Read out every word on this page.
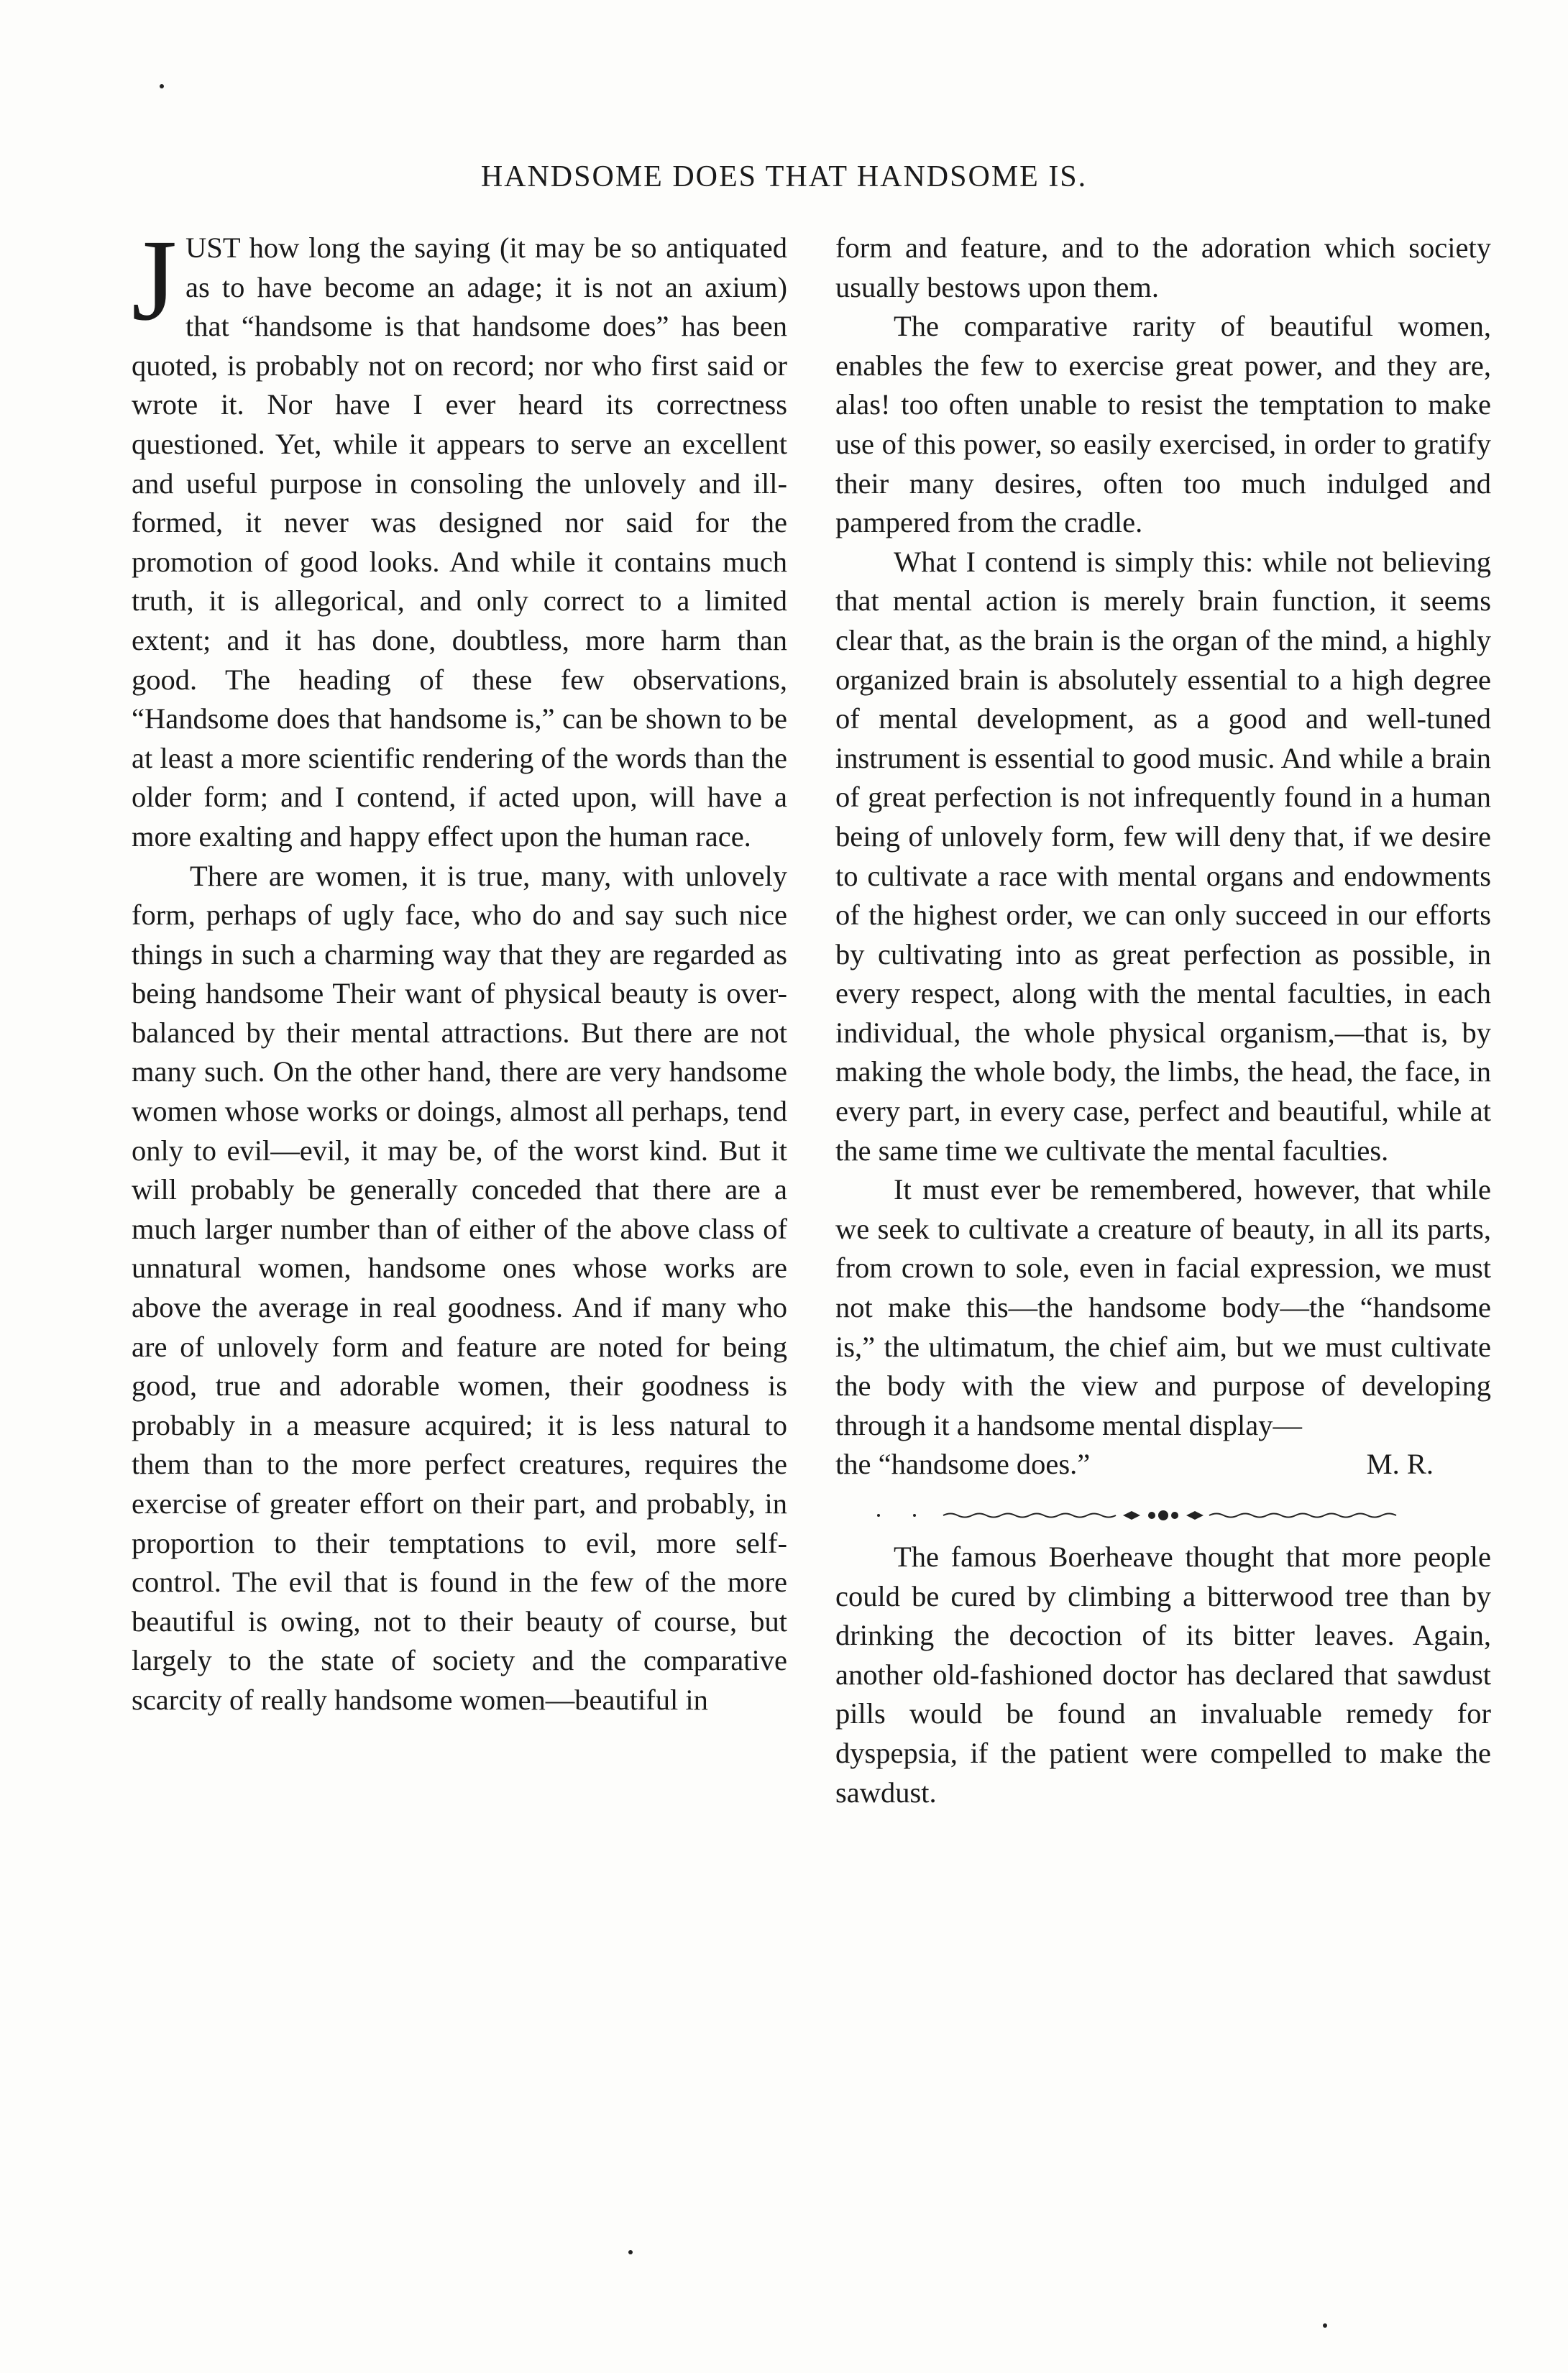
HANDSOME DOES THAT HANDSOME IS.

JUST how long the saying (it may be so antiquated as to have become an adage; it is not an axium) that “handsome is that handsome does” has been quoted, is probably not on record; nor who first said or wrote it. Nor have I ever heard its correctness questioned. Yet, while it appears to serve an excellent and useful purpose in consoling the unlovely and ill-formed, it never was designed nor said for the promotion of good looks. And while it contains much truth, it is allegorical, and only correct to a limited extent; and it has done, doubtless, more harm than good. The heading of these few observations, “Handsome does that handsome is,” can be shown to be at least a more scientific rendering of the words than the older form; and I contend, if acted upon, will have a more exalting and happy effect upon the human race.

There are women, it is true, many, with unlovely form, perhaps of ugly face, who do and say such nice things in such a charming way that they are regarded as being handsome Their want of physical beauty is over-balanced by their mental attractions. But there are not many such. On the other hand, there are very handsome women whose works or doings, almost all perhaps, tend only to evil—evil, it may be, of the worst kind. But it will probably be generally conceded that there are a much larger number than of either of the above class of unnatural women, handsome ones whose works are above the average in real goodness. And if many who are of unlovely form and feature are noted for being good, true and adorable women, their goodness is probably in a measure acquired; it is less natural to them than to the more perfect creatures, requires the exercise of greater effort on their part, and probably, in proportion to their temptations to evil, more self-control. The evil that is found in the few of the more beautiful is owing, not to their beauty of course, but largely to the state of society and the comparative scarcity of really handsome women—beautiful in

form and feature, and to the adoration which society usually bestows upon them.

The comparative rarity of beautiful women, enables the few to exercise great power, and they are, alas! too often unable to resist the temptation to make use of this power, so easily exercised, in order to gratify their many desires, often too much indulged and pampered from the cradle.

What I contend is simply this: while not believing that mental action is merely brain function, it seems clear that, as the brain is the organ of the mind, a highly organized brain is absolutely essential to a high degree of mental development, as a good and well-tuned instrument is essential to good music. And while a brain of great perfection is not infrequently found in a human being of unlovely form, few will deny that, if we desire to cultivate a race with mental organs and endowments of the highest order, we can only succeed in our efforts by cultivating into as great perfection as possible, in every respect, along with the mental faculties, in each individual, the whole physical organism,—that is, by making the whole body, the limbs, the head, the face, in every part, in every case, perfect and beautiful, while at the same time we cultivate the mental faculties.

It must ever be remembered, however, that while we seek to cultivate a creature of beauty, in all its parts, from crown to sole, even in facial expression, we must not make this—the handsome body—the “handsome is,” the ultimatum, the chief aim, but we must cultivate the body with the view and purpose of developing through it a handsome mental display—

the “handsome does.”	M. R.

The famous Boerheave thought that more people could be cured by climbing a bitterwood tree than by drinking the decoction of its bitter leaves. Again, another old-fashioned doctor has declared that sawdust pills would be found an invaluable remedy for dyspepsia, if the patient were compelled to make the sawdust.
